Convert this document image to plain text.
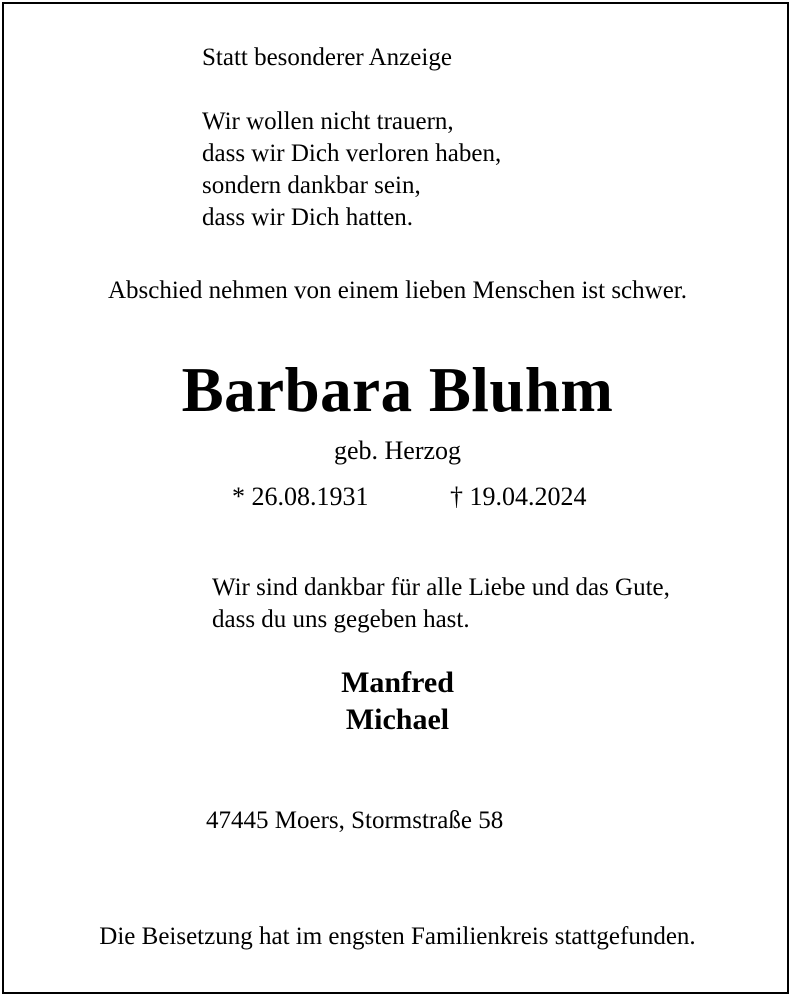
Statt besonderer Anzeige
Wir wollen nicht trauern,
dass wir Dich verloren haben,
sondern dankbar sein,
dass wir Dich hatten.
Abschied nehmen von einem lieben Menschen ist schwer.
Barbara Bluhm
geb. Herzog
* 26.08.1931	† 19.04.2024
Wir sind dankbar für alle Liebe und das Gute,
dass du uns gegeben hast.
Manfred
Michael
47445 Moers, Stormstraße 58
Die Beisetzung hat im engsten Familienkreis stattgefunden.
